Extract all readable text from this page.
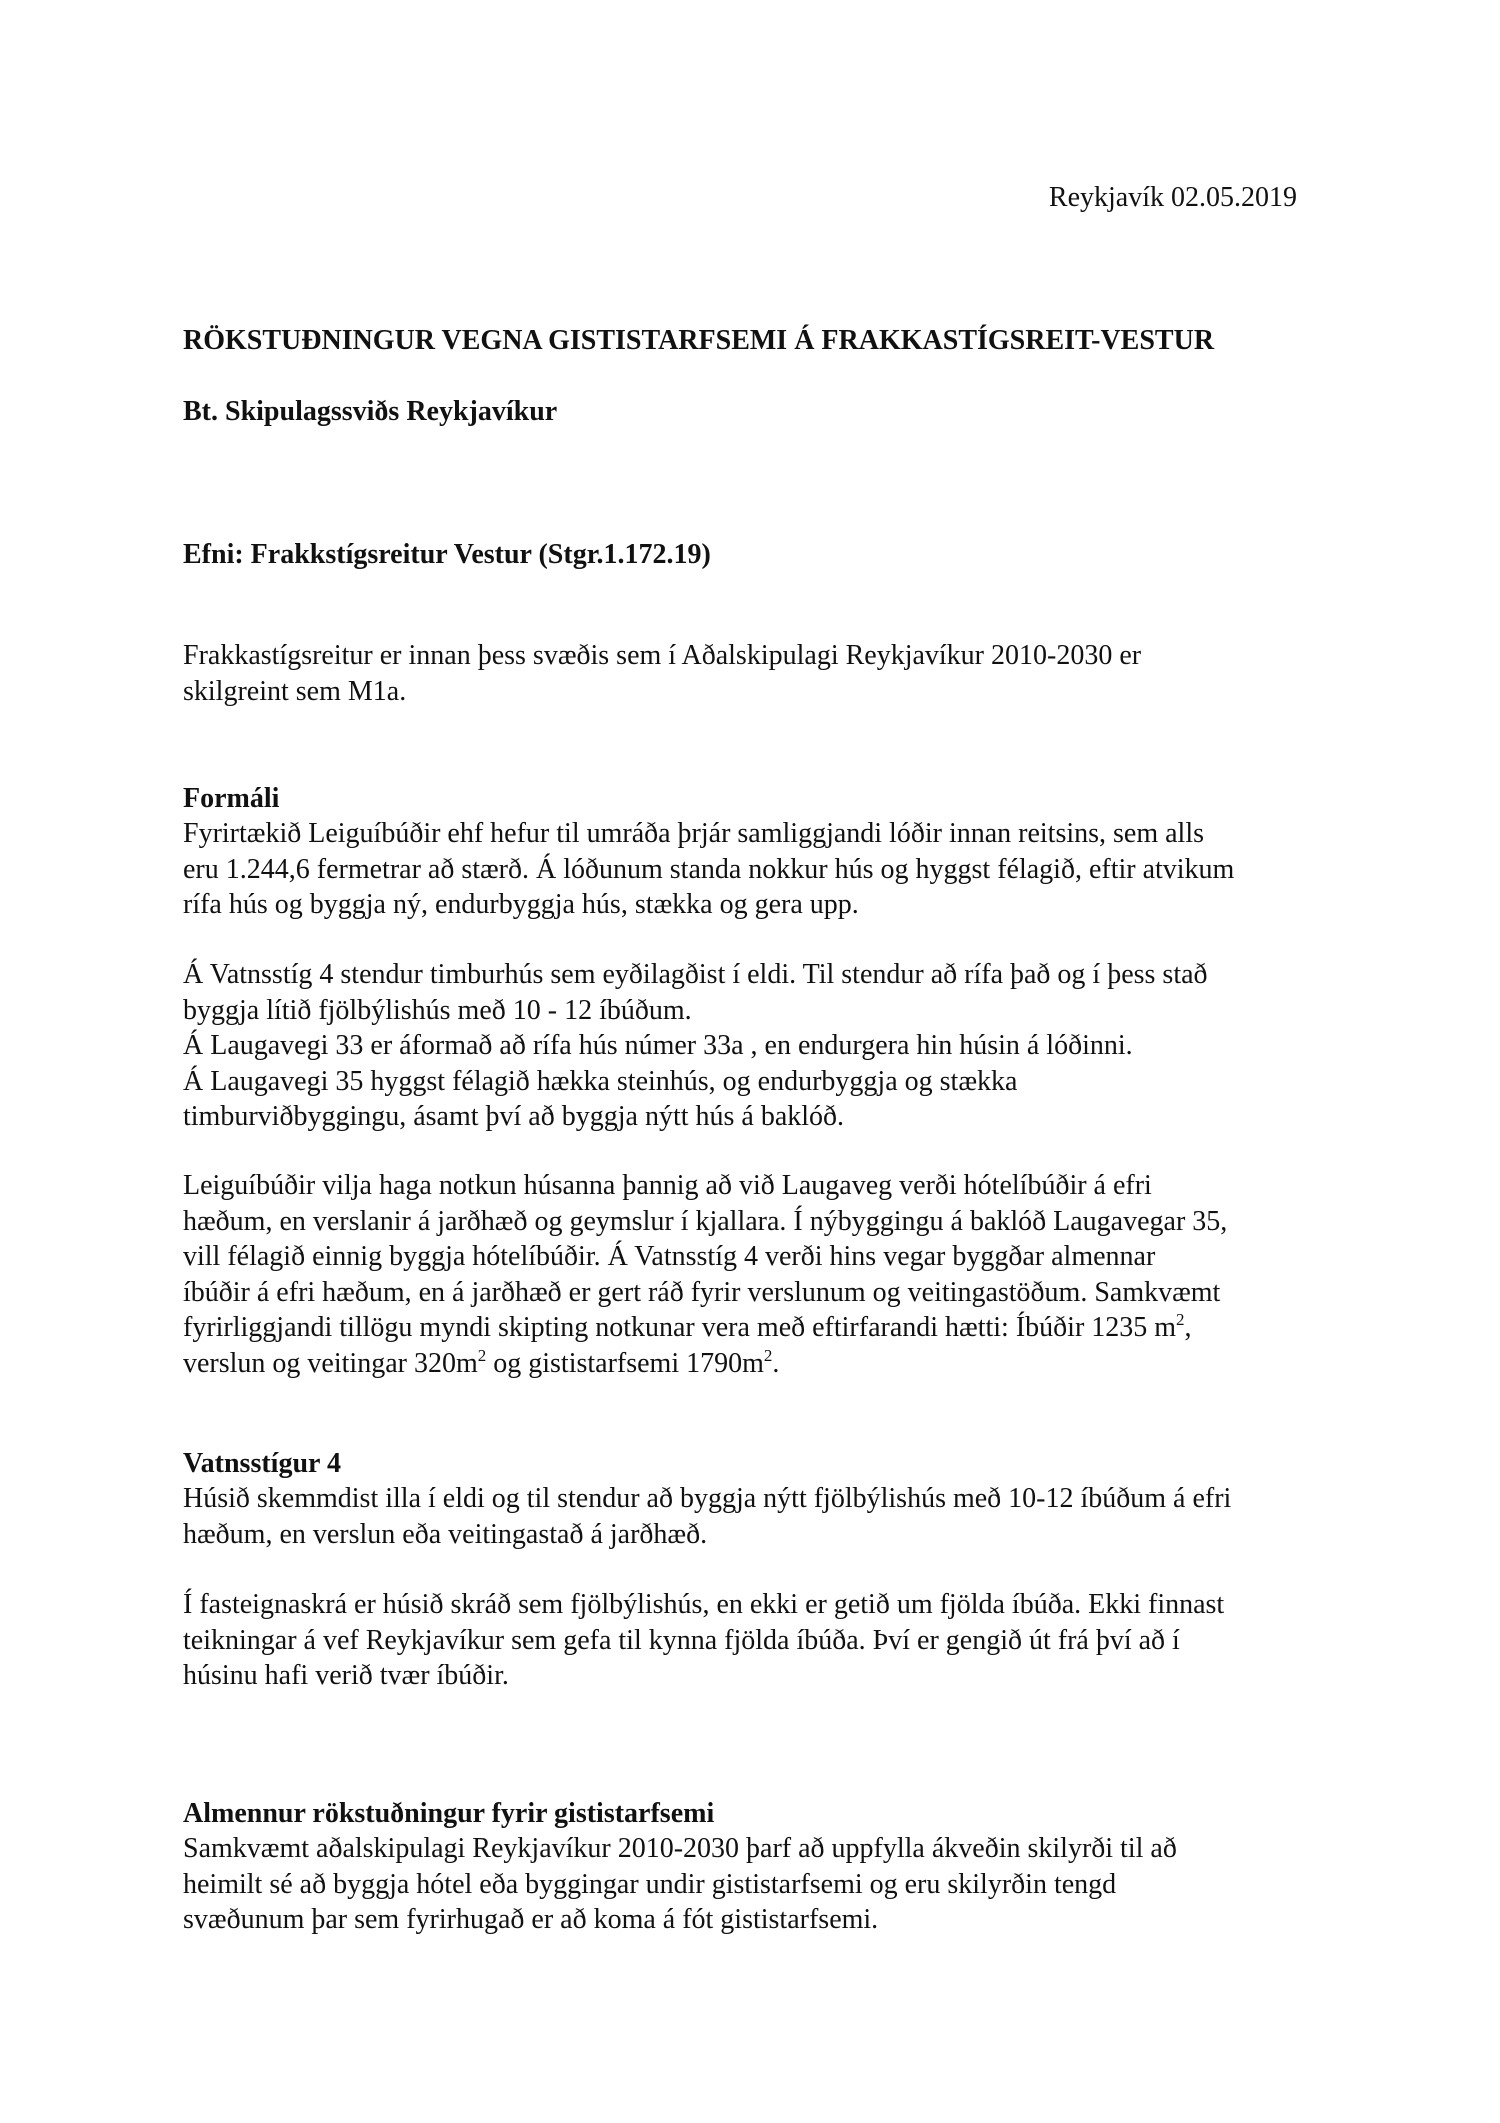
Reykjavík 02.05.2019
RÖKSTUÐNINGUR VEGNA GISTISTARFSEMI Á FRAKKASTÍGSREIT-VESTUR
Bt. Skipulagssviðs Reykjavíkur
Efni: Frakkstígsreitur Vestur (Stgr.1.172.19)
Frakkastígsreitur er innan þess svæðis sem í Aðalskipulagi Reykjavíkur 2010-2030 er
skilgreint sem M1a.
Formáli
Fyrirtækið Leiguíbúðir ehf hefur til umráða þrjár samliggjandi lóðir innan reitsins, sem alls
eru 1.244,6 fermetrar að stærð. Á lóðunum standa nokkur hús og hyggst félagið, eftir atvikum
rífa hús og byggja ný, endurbyggja hús, stækka og gera upp.
Á Vatnsstíg 4 stendur timburhús sem eyðilagðist í eldi. Til stendur að rífa það og í þess stað
byggja lítið fjölbýlishús með 10 - 12 íbúðum.
Á Laugavegi 33 er áformað að rífa hús númer 33a , en endurgera hin húsin á lóðinni.
Á Laugavegi 35 hyggst félagið hækka steinhús, og endurbyggja og stækka
timburviðbyggingu, ásamt því að byggja nýtt hús á baklóð.
Leiguíbúðir vilja haga notkun húsanna þannig að við Laugaveg verði hótelíbúðir á efri
hæðum, en verslanir á jarðhæð og geymslur í kjallara. Í nýbyggingu á baklóð Laugavegar 35,
vill félagið einnig byggja hótelíbúðir. Á Vatnsstíg 4 verði hins vegar byggðar almennar
íbúðir á efri hæðum, en á jarðhæð er gert ráð fyrir verslunum og veitingastöðum. Samkvæmt
fyrirliggjandi tillögu myndi skipting notkunar vera með eftirfarandi hætti: Íbúðir 1235 $m^2$,
verslun og veitingar $320m^2$ og gististarfsemi $1790m^2$.
Vatnsstígur 4
Húsið skemmdist illa í eldi og til stendur að byggja nýtt fjölbýlishús með 10-12 íbúðum á efri
hæðum, en verslun eða veitingastað á jarðhæð.
Í fasteignaskrá er húsið skráð sem fjölbýlishús, en ekki er getið um fjölda íbúða. Ekki finnast
teikningar á vef Reykjavíkur sem gefa til kynna fjölda íbúða. Því er gengið út frá því að í
húsinu hafi verið tvær íbúðir.
Almennur rökstuðningur fyrir gististarfsemi
Samkvæmt aðalskipulagi Reykjavíkur 2010-2030 þarf að uppfylla ákveðin skilyrði til að
heimilt sé að byggja hótel eða byggingar undir gististarfsemi og eru skilyrðin tengd
svæðunum þar sem fyrirhugað er að koma á fót gististarfsemi.
